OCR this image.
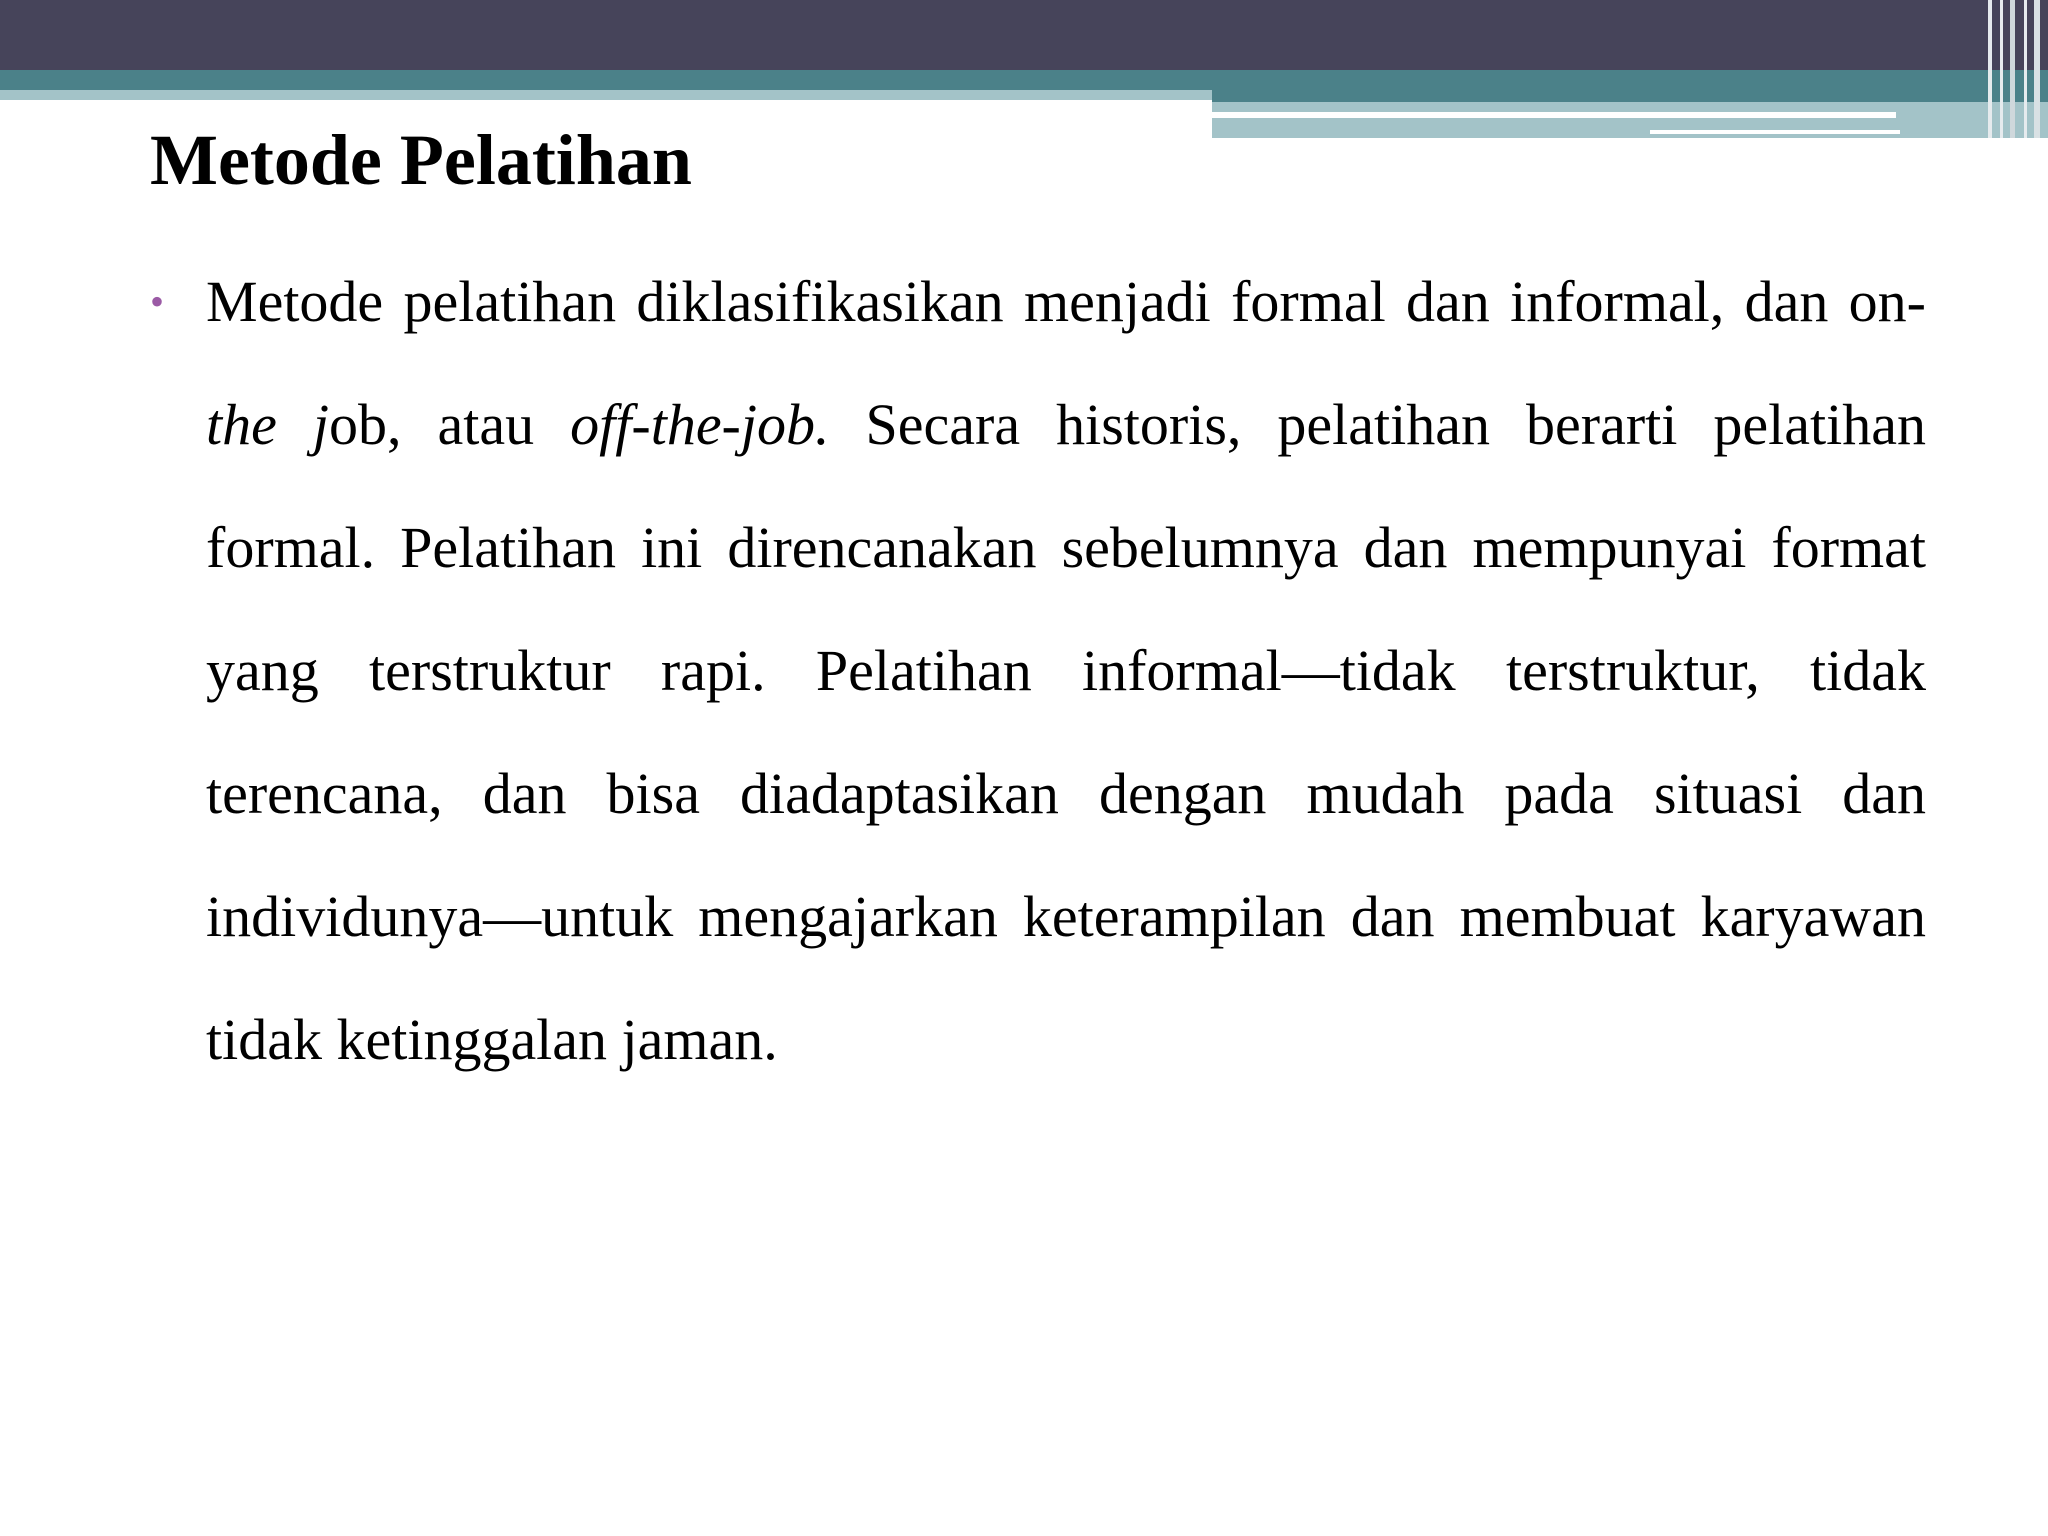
Metode Pelatihan
• Metode pelatihan diklasifikasikan menjadi formal dan informal, dan on-the job, atau off-the-job. Secara historis, pelatihan berarti pelatihan formal. Pelatihan ini direncanakan sebelumnya dan mempunyai format yang terstruktur rapi. Pelatihan informal—tidak terstruktur, tidak terencana, dan bisa diadaptasikan dengan mudah pada situasi dan individunya—untuk mengajarkan keterampilan dan membuat karyawan tidak ketinggalan jaman.
